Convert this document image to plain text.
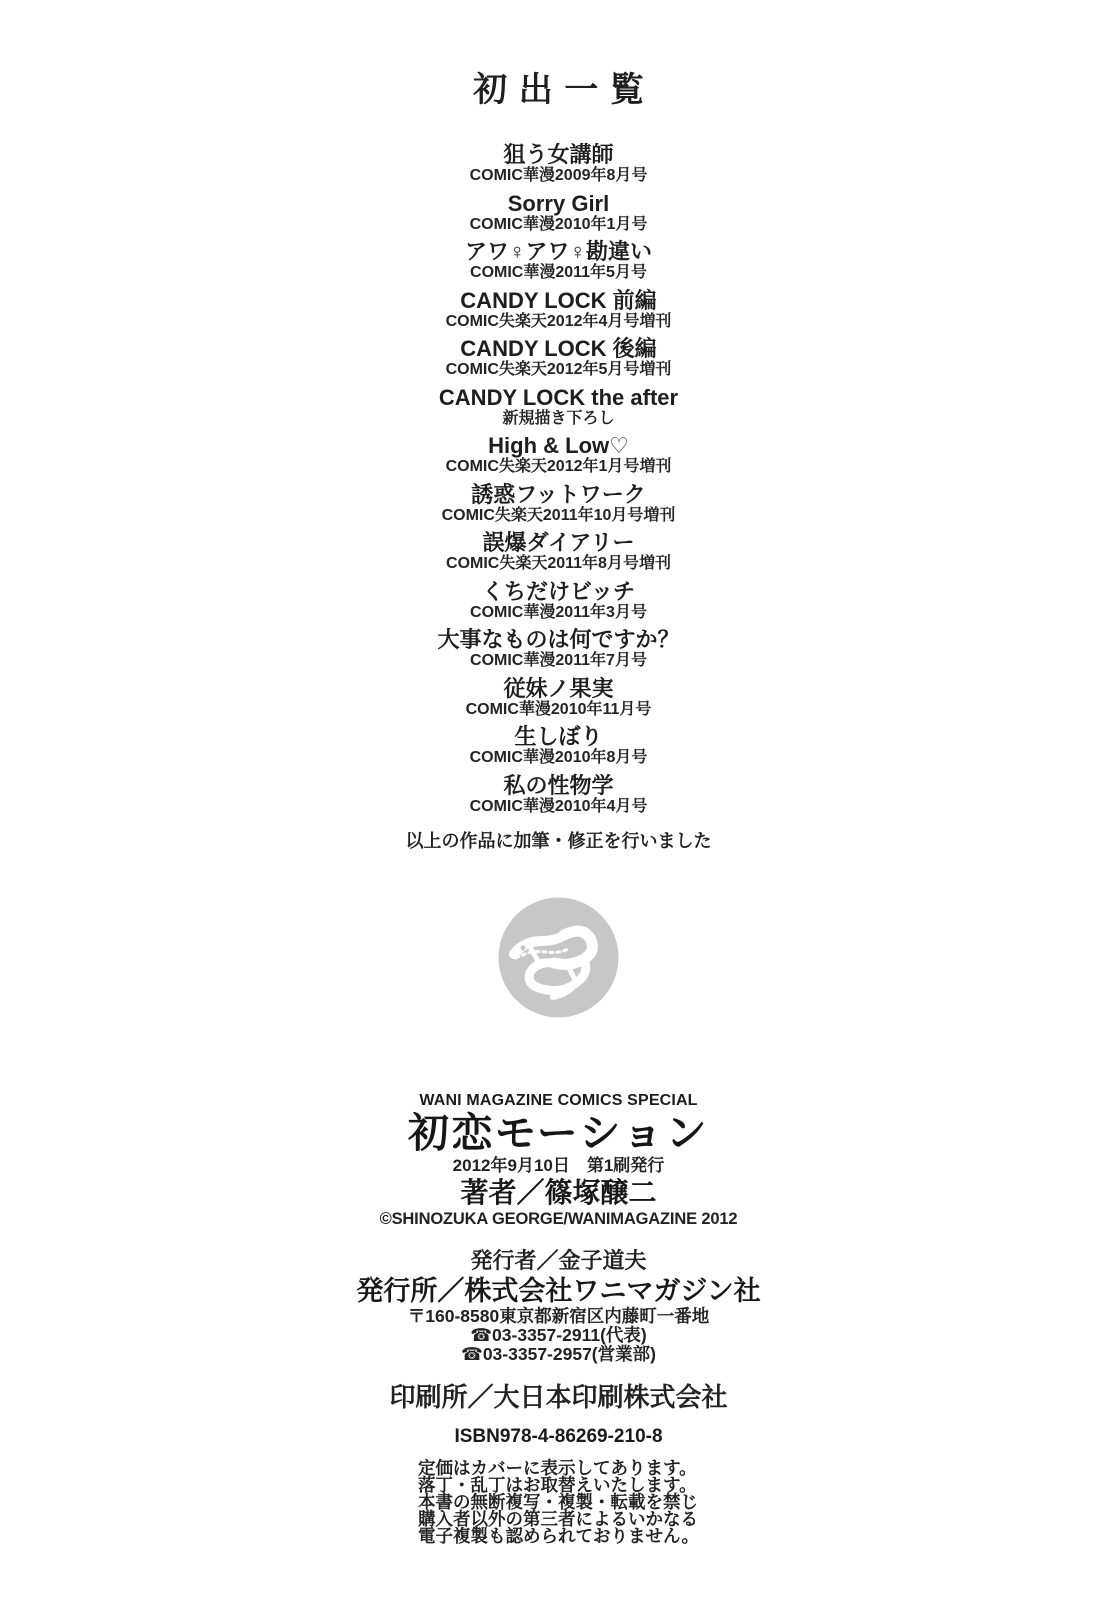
初出一覧
狙う女講師
COMIC華漫2009年8月号
Sorry Girl
COMIC華漫2010年1月号
アワ♀アワ♀勘違い
COMIC華漫2011年5月号
CANDY LOCK 前編
COMIC失楽天2012年4月号増刊
CANDY LOCK 後編
COMIC失楽天2012年5月号増刊
CANDY LOCK the after
新規描き下ろし
High & Low♡
COMIC失楽天2012年1月号増刊
誘惑フットワーク
COMIC失楽天2011年10月号増刊
誤爆ダイアリー
COMIC失楽天2011年8月号増刊
くちだけビッチ
COMIC華漫2011年3月号
大事なものは何ですか？
COMIC華漫2011年7月号
従妹ノ果実
COMIC華漫2010年11月号
生しぼり
COMIC華漫2010年8月号
私の性物学
COMIC華漫2010年4月号
以上の作品に加筆・修正を行いました
WANI MAGAZINE COMICS SPECIAL
初恋モーション
2012年9月10日　第1刷発行
著者／篠塚醸二
©SHINOZUKA GEORGE/WANIMAGAZINE 2012
発行者／金子道夫
発行所／株式会社ワニマガジン社
〒160-8580東京都新宿区内藤町一番地
☎03-3357-2911(代表)
☎03-3357-2957(営業部)
印刷所／大日本印刷株式会社
ISBN978-4-86269-210-8
定価はカバーに表示してあります。
落丁・乱丁はお取替えいたします。
本書の無断複写・複製・転載を禁じ
購入者以外の第三者によるいかなる
電子複製も認められておりません。
